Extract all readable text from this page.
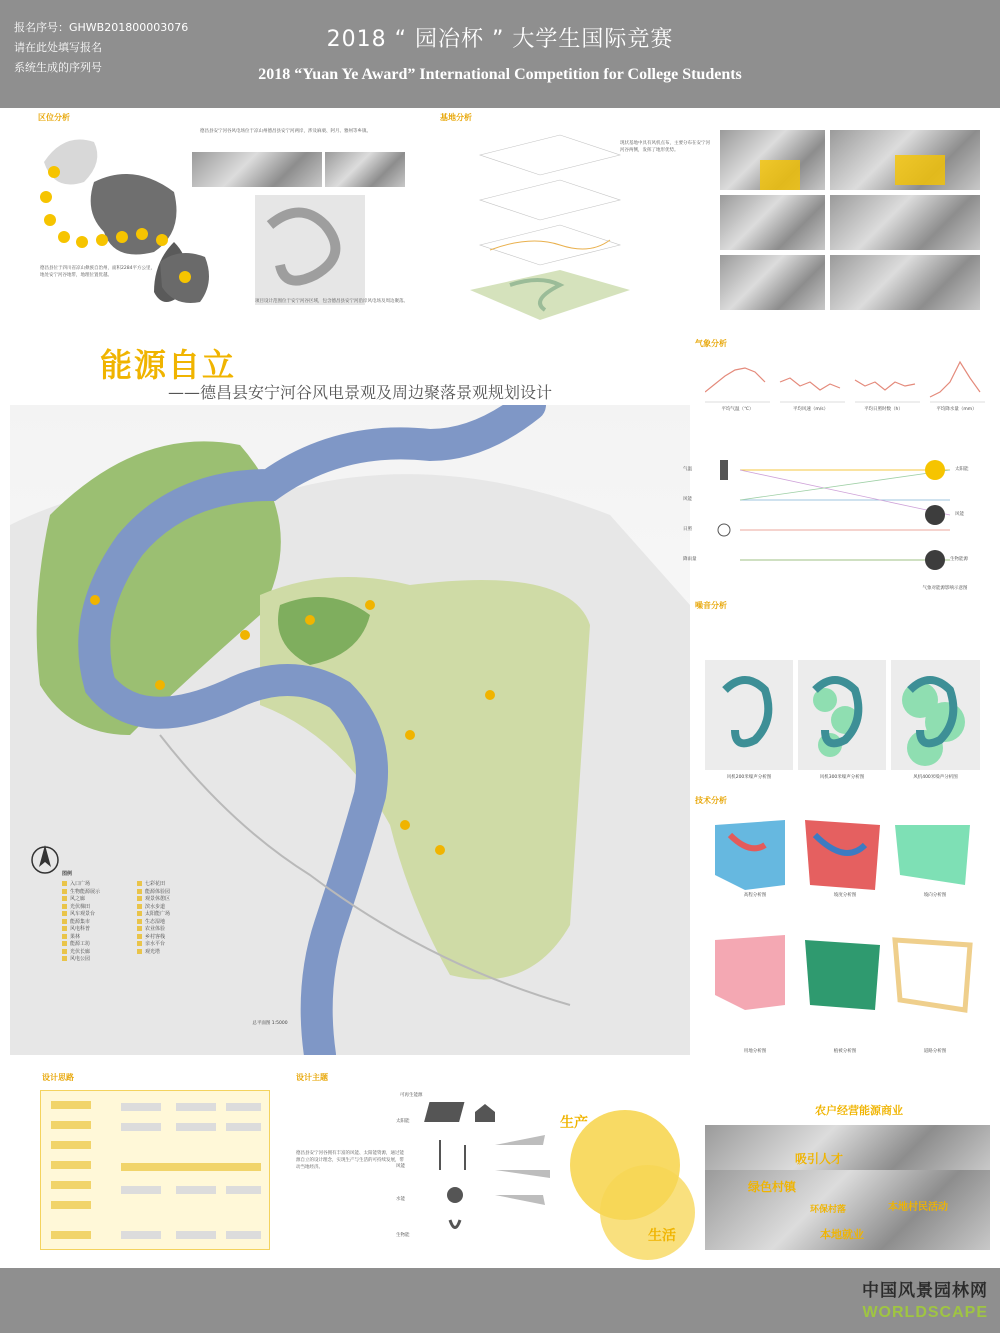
报名序号：GHWB201800003076
请在此处填写报名
系统生成的序列号
2018 “ 园冶杯 ” 大学生国际竞赛
2018 “Yuan Ye Award” International Competition for College Students
区位分析
德昌县位于四川省凉山彝族自治州，面积2284平方公里，地处安宁河谷地带，地理位置优越。
德昌县安宁河谷风电场位于凉山州德昌县安宁河两岸，涉及麻栗、阿月、雅州等乡镇。
项目设计范围位于安宁河谷区域，包含德昌县安宁河沿岸风电场及周边聚落。
基地分析
现状基地中具有风机点布，主要分布在安宁河河谷两侧，发挥了地形优势。
能源自立
——德昌县安宁河谷风电景观及周边聚落景观规划设计
总平面图 1:5000
图例
入口广场	七彩花田
生物能源展示	能源体验园
风之廊	观景休憩区
光伏梯田	滨水步道
风车观景台	太阳能广场
能源集市	生态湿地
风电科普	农业体验
果林	乡村客栈
能源工坊	亲水平台
光伏长廊	观光塔
风电公园
气象分析
平均气温（℃）	平均风速（m/s）	平均日照时数（h）	平均降水量（mm）
气温
风能
日照
降雨量
太阳能
风能
生物能源
气象对能源影响示意图
噪音分析
风机200米噪声分析图	风机300米噪声分析图	风机400米噪声分析图
技术分析
高程分析图	坡度分析图	坡向分析图
用地分析图	植被分析图	道路分析图
设计思路	设计主题
德昌县安宁河谷拥有丰富的风能、太阳能资源，通过能源自立的设计理念，实现生产与生活的可持续发展，带动当地经济。
可再生能源
太阳能
风能
水能
生物能
生产
生活
农户经营能源商业
吸引人才
绿色村镇
环保村落	本地村民活动
本地就业
中国风景园林网
WORLDSCAPE
